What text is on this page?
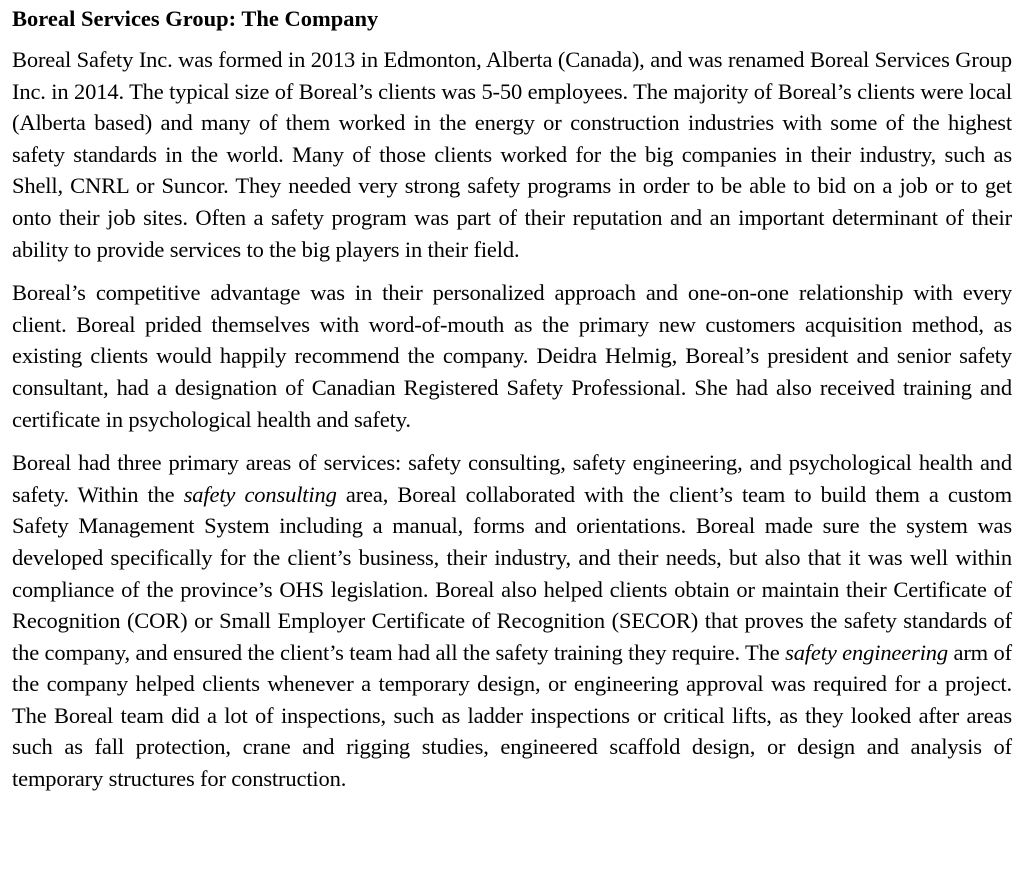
Boreal Services Group: The Company

Boreal Safety Inc. was formed in 2013 in Edmonton, Alberta (Canada), and was renamed Boreal Services Group Inc. in 2014. The typical size of Boreal’s clients was 5-50 employees. The majority of Boreal’s clients were local (Alberta based) and many of them worked in the energy or construction industries with some of the highest safety standards in the world. Many of those clients worked for the big companies in their industry, such as Shell, CNRL or Suncor. They needed very strong safety programs in order to be able to bid on a job or to get onto their job sites. Often a safety program was part of their reputation and an important determinant of their ability to provide services to the big players in their field.

Boreal’s competitive advantage was in their personalized approach and one-on-one relationship with every client. Boreal prided themselves with word-of-mouth as the primary new customers acquisition method, as existing clients would happily recommend the company. Deidra Helmig, Boreal’s president and senior safety consultant, had a designation of Canadian Registered Safety Professional. She had also received training and certificate in psychological health and safety.

Boreal had three primary areas of services: safety consulting, safety engineering, and psychological health and safety. Within the safety consulting area, Boreal collaborated with the client’s team to build them a custom Safety Management System including a manual, forms and orientations. Boreal made sure the system was developed specifically for the client’s business, their industry, and their needs, but also that it was well within compliance of the province’s OHS legislation. Boreal also helped clients obtain or maintain their Certificate of Recognition (COR) or Small Employer Certificate of Recognition (SECOR) that proves the safety standards of the company, and ensured the client’s team had all the safety training they require. The safety engineering arm of the company helped clients whenever a temporary design, or engineering approval was required for a project. The Boreal team did a lot of inspections, such as ladder inspections or critical lifts, as they looked after areas such as fall protection, crane and rigging studies, engineered scaffold design, or design and analysis of temporary structures for construction.
